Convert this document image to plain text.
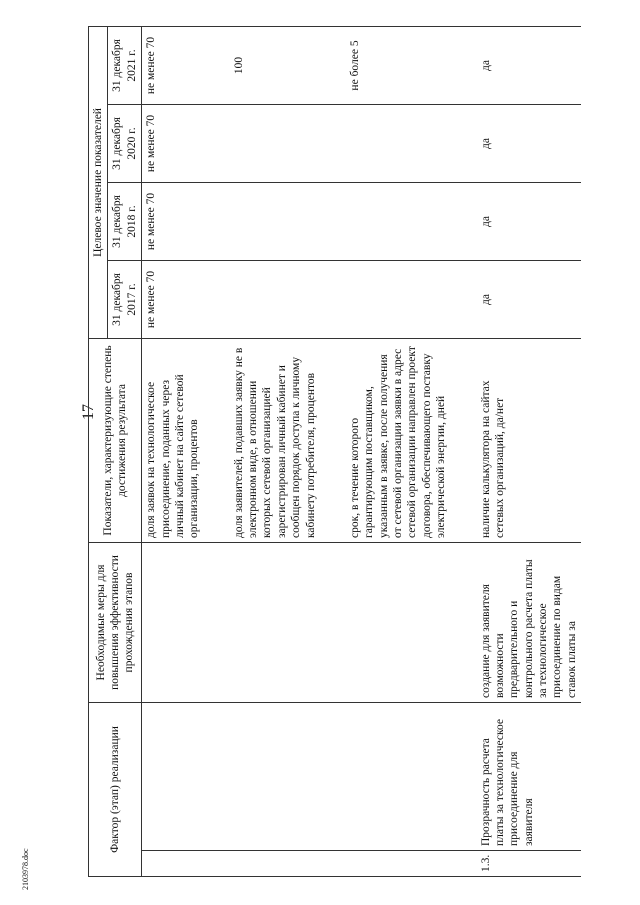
17
Фактор (этап) реализации		Необходимые меры для повышения эффективности прохождения этапов	Показатели, характеризующие степень достижения результата	Целевое значение показателей			
				31 декабря 2017 г.	31 декабря 2018 г.	31 декабря 2020 г.	31 декабря 2021 г.
			доля заявок на технологическое присоединение, поданных через личный кабинет на сайте сетевой организации, процентов	не менее 70	не менее 70	не менее 70	не менее 70

			доля заявителей, подавших заявку не в электронном виде, в отношении которых сетевой организацией зарегистрирован личный кабинет и сообщен порядок доступа к личному кабинету потребителя, процентов				100

			срок, в течение которого гарантирующим поставщиком, указанным в заявке, после получения от сетевой организации заявки в адрес сетевой организации направлен проект договора, обеспечивающего поставку электрической энергии, дней				не более 5

1.3.	Прозрачность расчета платы за технологическое присоединение для заявителя	создание для заявителя возможности предварительного и контрольного расчета платы за технологическое присоединение по видам ставок платы за	наличие калькулятора на сайтах сетевых организаций, да/нет	да	да	да	да
2103978.doc
